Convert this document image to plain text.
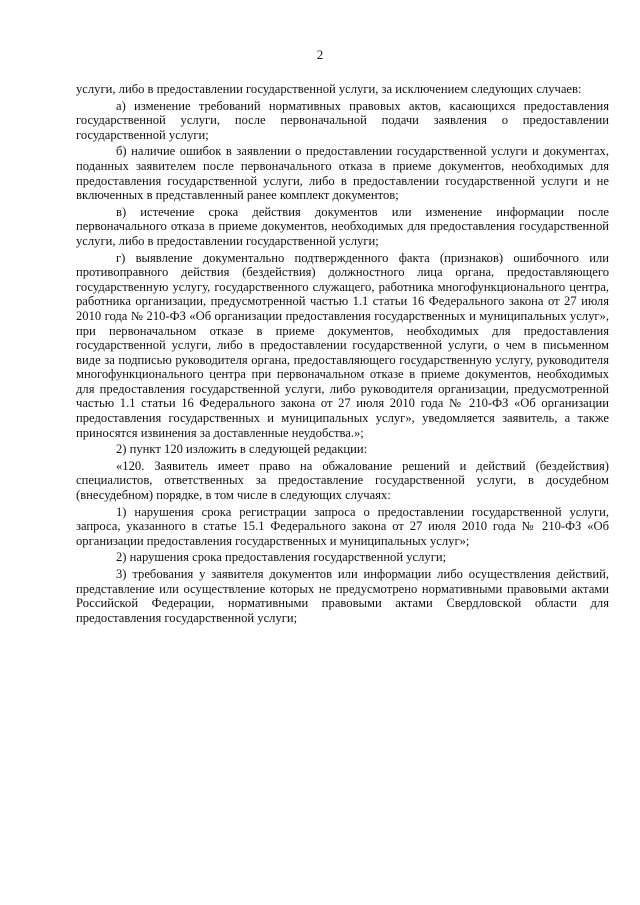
2

услуги, либо в предоставлении государственной услуги, за исключением следующих случаев:

а) изменение требований нормативных правовых актов, касающихся предоставления государственной услуги, после первоначальной подачи заявления о предоставлении государственной услуги;

б) наличие ошибок в заявлении о предоставлении государственной услуги и документах, поданных заявителем после первоначального отказа в приеме документов, необходимых для предоставления государственной услуги, либо в предоставлении государственной услуги и не включенных в представленный ранее комплект документов;

в) истечение срока действия документов или изменение информации после первоначального отказа в приеме документов, необходимых для предоставления государственной услуги, либо в предоставлении государственной услуги;

г) выявление документально подтвержденного факта (признаков) ошибочного или противоправного действия (бездействия) должностного лица органа, предоставляющего государственную услугу, государственного служащего, работника многофункционального центра, работника организации, предусмотренной частью 1.1 статьи 16 Федерального закона от 27 июля 2010 года № 210-ФЗ «Об организации предоставления государственных и муниципальных услуг», при первоначальном отказе в приеме документов, необходимых для предоставления государственной услуги, либо в предоставлении государственной услуги, о чем в письменном виде за подписью руководителя органа, предоставляющего государственную услугу, руководителя многофункционального центра при первоначальном отказе в приеме документов, необходимых для предоставления государственной услуги, либо руководителя организации, предусмотренной частью 1.1 статьи 16 Федерального закона от 27 июля 2010 года № 210-ФЗ «Об организации предоставления государственных и муниципальных услуг», уведомляется заявитель, а также приносятся извинения за доставленные неудобства.»;

2) пункт 120 изложить в следующей редакции:

«120. Заявитель имеет право на обжалование решений и действий (бездействия) специалистов, ответственных за предоставление государственной услуги, в досудебном (внесудебном) порядке, в том числе в следующих случаях:

1) нарушения срока регистрации запроса о предоставлении государственной услуги, запроса, указанного в статье 15.1 Федерального закона от 27 июля 2010 года № 210-ФЗ «Об организации предоставления государственных и муниципальных услуг»;

2) нарушения срока предоставления государственной услуги;

3) требования у заявителя документов или информации либо осуществления действий, представление или осуществление которых не предусмотрено нормативными правовыми актами Российской Федерации, нормативными правовыми актами Свердловской области для предоставления государственной услуги;
